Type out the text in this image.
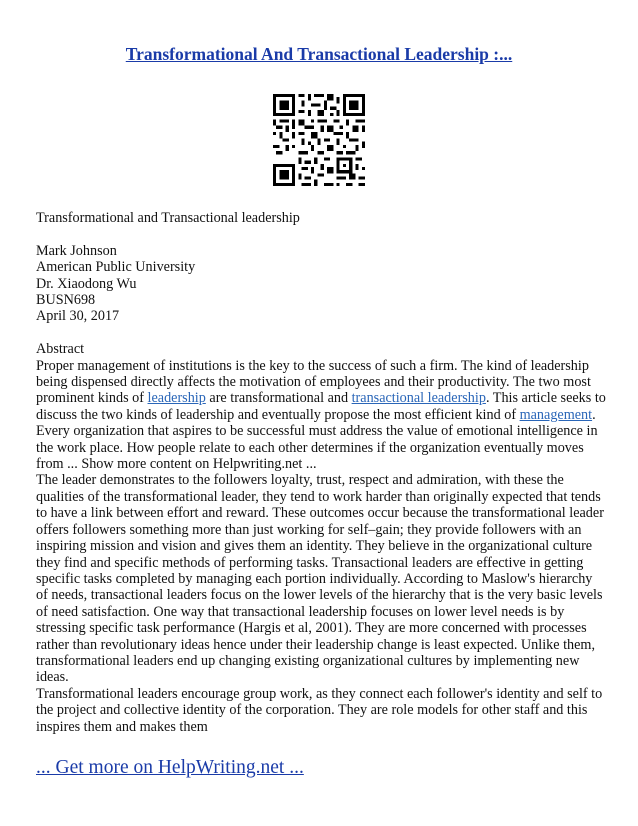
Transformational And Transactional Leadership :...

Transformational and Transactional leadership

Mark Johnson

American Public University

Dr. Xiaodong Wu

BUSN698

April 30, 2017

Abstract

Proper management of institutions is the key to the success of such a firm. The kind of leadership being dispensed directly affects the motivation of employees and their productivity. The two most prominent kinds of leadership are transformational and transactional leadership. This article seeks to discuss the two kinds of leadership and eventually propose the most efficient kind of management. Every organization that aspires to be successful must address the value of emotional intelligence in the work place. How people relate to each other determines if the organization eventually moves from ... Show more content on Helpwriting.net ...

The leader demonstrates to the followers loyalty, trust, respect and admiration, with these the qualities of the transformational leader, they tend to work harder than originally expected that tends to have a link between effort and reward. These outcomes occur because the transformational leader offers followers something more than just working for self–gain; they provide followers with an inspiring mission and vision and gives them an identity. They believe in the organizational culture they find and specific methods of performing tasks. Transactional leaders are effective in getting specific tasks completed by managing each portion individually. According to Maslow's hierarchy of needs, transactional leaders focus on the lower levels of the hierarchy that is the very basic levels of need satisfaction. One way that transactional leadership focuses on lower level needs is by stressing specific task performance (Hargis et al, 2001). They are more concerned with processes rather than revolutionary ideas hence under their leadership change is least expected. Unlike them, transformational leaders end up changing existing organizational cultures by implementing new ideas.

Transformational leaders encourage group work, as they connect each follower's identity and self to the project and collective identity of the corporation. They are role models for other staff and this inspires them and makes them

... Get more on HelpWriting.net ...
